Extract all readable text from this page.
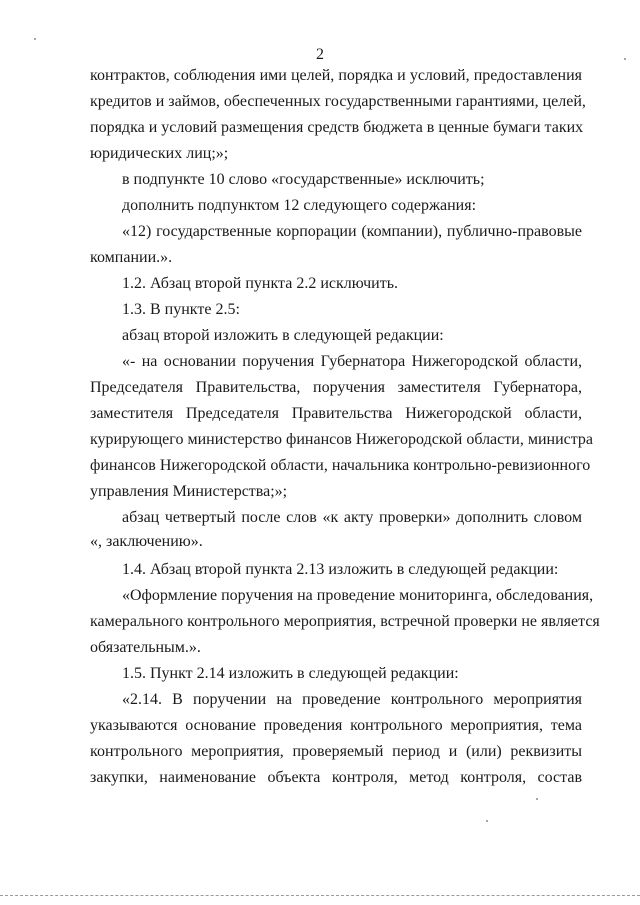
2
контрактов, соблюдения ими целей, порядка и условий, предоставления
кредитов и займов, обеспеченных государственными гарантиями, целей,
порядка и условий размещения средств бюджета в ценные бумаги таких
юридических лиц;»;
в подпункте 10 слово «государственные» исключить;
дополнить подпунктом 12 следующего содержания:
«12) государственные корпорации (компании), публично-правовые
компании.».
1.2. Абзац второй пункта 2.2 исключить.
1.3. В пункте 2.5:
абзац второй изложить в следующей редакции:
«- на основании поручения Губернатора Нижегородской области,
Председателя Правительства, поручения заместителя Губернатора,
заместителя Председателя Правительства Нижегородской области,
курирующего министерство финансов Нижегородской области, министра
финансов Нижегородской области, начальника контрольно-ревизионного
управления Министерства;»;
абзац четвертый после слов «к акту проверки» дополнить словом
«, заключению».
1.4. Абзац второй пункта 2.13 изложить в следующей редакции:
«Оформление поручения на проведение мониторинга, обследования,
камерального контрольного мероприятия, встречной проверки не является
обязательным.».
1.5. Пункт 2.14 изложить в следующей редакции:
«2.14. В поручении на проведение контрольного мероприятия
указываются основание проведения контрольного мероприятия, тема
контрольного мероприятия, проверяемый период и (или) реквизиты
закупки, наименование объекта контроля, метод контроля, состав
